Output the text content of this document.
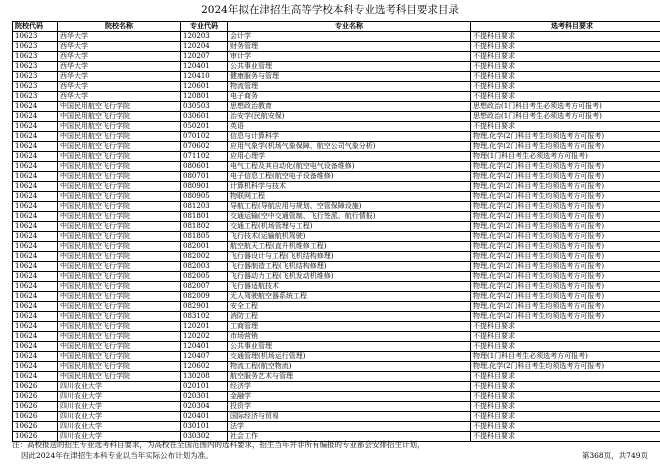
2024年拟在津招生高等学校本科专业选考科目要求目录
院校代码	院校名称	专业代码	专业名称	选考科目要求
10623	西华大学	120203	会计学	不提科目要求
10623	西华大学	120204	财务管理	不提科目要求
10623	西华大学	120207	审计学	不提科目要求
10623	西华大学	120401	公共事业管理	不提科目要求
10623	西华大学	120410	健康服务与管理	不提科目要求
10623	西华大学	120601	物流管理	不提科目要求
10623	西华大学	120801	电子商务	不提科目要求
10624	中国民用航空飞行学院	030503	思想政治教育	思想政治(1门科目考生必须选考方可报考)
10624	中国民用航空飞行学院	030601	治安学(民航安保)	思想政治(1门科目考生必须选考方可报考)
10624	中国民用航空飞行学院	050201	英语	不提科目要求
10624	中国民用航空飞行学院	070102	信息与计算科学	物理,化学(2门科目考生均须选考方可报考)
10624	中国民用航空飞行学院	070602	应用气象学(机场气象保障、航空公司气象分析)	物理,化学(2门科目考生均须选考方可报考)
10624	中国民用航空飞行学院	071102	应用心理学	物理(1门科目考生必须选考方可报考)
10624	中国民用航空飞行学院	080601	电气工程及其自动化(航空电气设备维修)	物理,化学(2门科目考生均须选考方可报考)
10624	中国民用航空飞行学院	080701	电子信息工程(航空电子设备维修)	物理,化学(2门科目考生均须选考方可报考)
10624	中国民用航空飞行学院	080901	计算机科学与技术	物理,化学(2门科目考生均须选考方可报考)
10624	中国民用航空飞行学院	080905	物联网工程	物理,化学(2门科目考生均须选考方可报考)
10624	中国民用航空飞行学院	081203	导航工程(导航应用与规划、空管保障设施)	物理,化学(2门科目考生均须选考方可报考)
10624	中国民用航空飞行学院	081801	交通运输(空中交通管制、飞行签派、航行情报)	物理,化学(2门科目考生均须选考方可报考)
10624	中国民用航空飞行学院	081802	交通工程(机场管理与工程)	物理,化学(2门科目考生均须选考方可报考)
10624	中国民用航空飞行学院	081805	飞行技术(运输航机驾驶)	物理,化学(2门科目考生均须选考方可报考)
10624	中国民用航空飞行学院	082001	航空航天工程(直升机维修工程)	物理,化学(2门科目考生均须选考方可报考)
10624	中国民用航空飞行学院	082002	飞行器设计与工程(飞机结构修理)	物理,化学(2门科目考生均须选考方可报考)
10624	中国民用航空飞行学院	082003	飞行器制造工程(飞机结构修理)	物理,化学(2门科目考生均须选考方可报考)
10624	中国民用航空飞行学院	082005	飞行器动力工程(飞机发动机维修)	物理,化学(2门科目考生均须选考方可报考)
10624	中国民用航空飞行学院	082007	飞行器适航技术	物理,化学(2门科目考生均须选考方可报考)
10624	中国民用航空飞行学院	082009	无人驾驶航空器系统工程	物理,化学(2门科目考生均须选考方可报考)
10624	中国民用航空飞行学院	082901	安全工程	物理,化学(2门科目考生均须选考方可报考)
10624	中国民用航空飞行学院	083102	消防工程	物理,化学(2门科目考生均须选考方可报考)
10624	中国民用航空飞行学院	120201	工商管理	不提科目要求
10624	中国民用航空飞行学院	120202	市场营销	不提科目要求
10624	中国民用航空飞行学院	120401	公共事业管理	不提科目要求
10624	中国民用航空飞行学院	120407	交通管理(机场运行管理)	物理(1门科目考生必须选考方可报考)
10624	中国民用航空飞行学院	120602	物流工程(航空物流)	物理,化学(2门科目考生均须选考方可报考)
10624	中国民用航空飞行学院	130208	航空服务艺术与管理	不提科目要求
10626	四川农业大学	020101	经济学	不提科目要求
10626	四川农业大学	020301	金融学	不提科目要求
10626	四川农业大学	020304	投资学	不提科目要求
10626	四川农业大学	020401	国际经济与贸易	不提科目要求
10626	四川农业大学	030101	法学	不提科目要求
10626	四川农业大学	030302	社会工作	不提科目要求
注：高校报送的招生专业选考科目要求，为高校在全国范围内的选科要求，招生当年并非所有编报的专业都会安排招生计划，
因此2024年在津招生本科专业以当年实际公布计划为准。	第368页，共749页
